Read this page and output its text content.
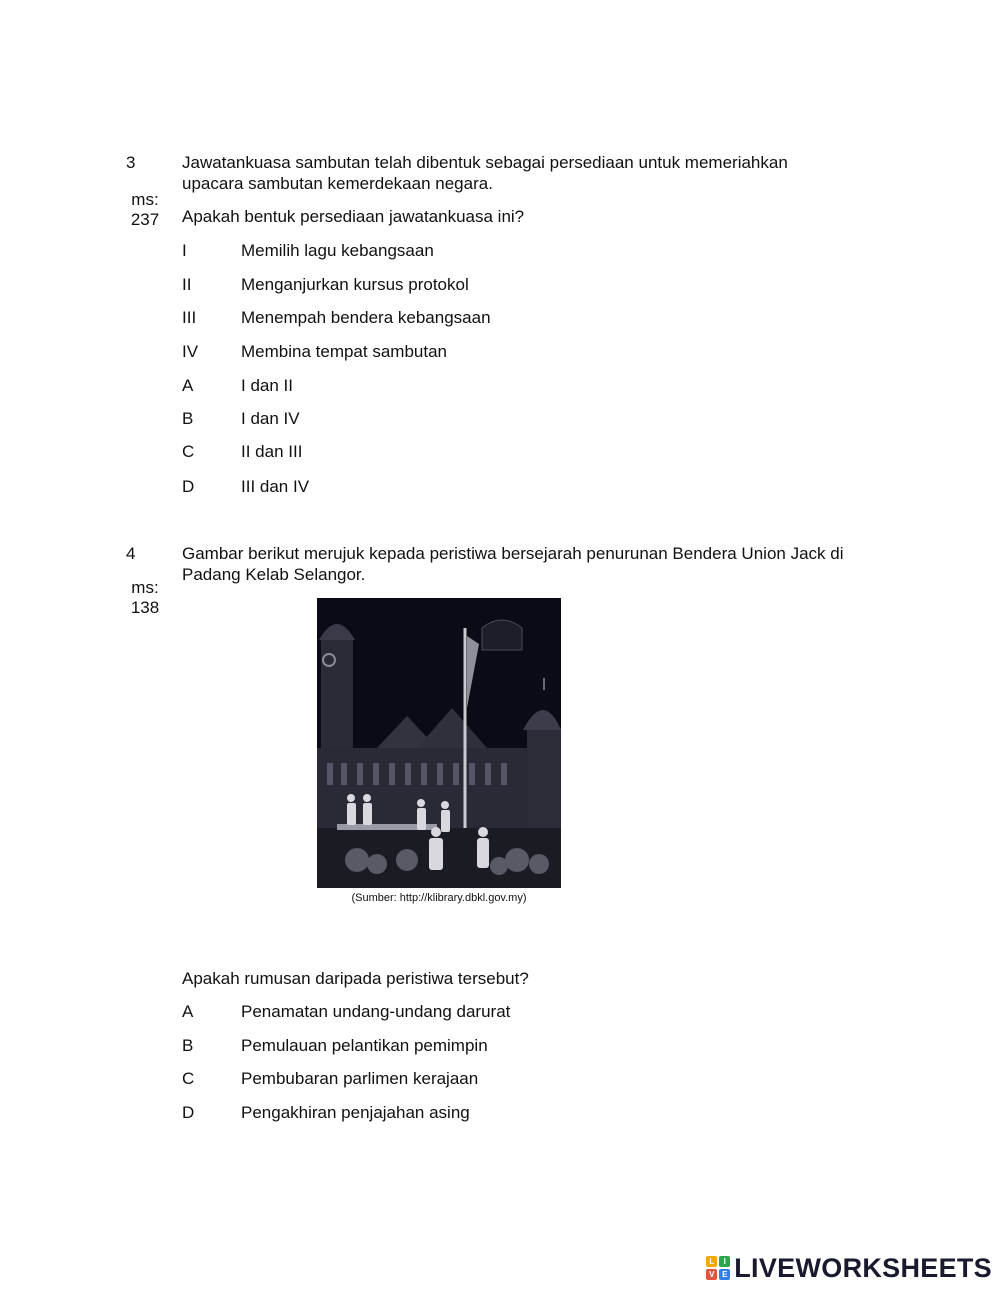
3
ms:
237
Jawatankuasa sambutan telah dibentuk sebagai persediaan untuk memeriahkan
upacara sambutan kemerdekaan negara.
Apakah bentuk persediaan jawatankuasa ini?
I	Memilih lagu kebangsaan
II	Menganjurkan kursus protokol
III	Menempah bendera kebangsaan
IV	Membina tempat sambutan
A	I dan II
B	I dan IV
C	II dan III
D	III dan IV
4
ms:
138
Gambar berikut merujuk kepada peristiwa bersejarah penurunan Bendera Union Jack di
Padang Kelab Selangor.
(Sumber: http://klibrary.dbkl.gov.my)
Apakah rumusan daripada peristiwa tersebut?
A	Penamatan undang-undang darurat
B	Pemulauan pelantikan pemimpin
C	Pembubaran parlimen kerajaan
D	Pengakhiran penjajahan asing
L	I
V E LIVEWORKSHEETS
